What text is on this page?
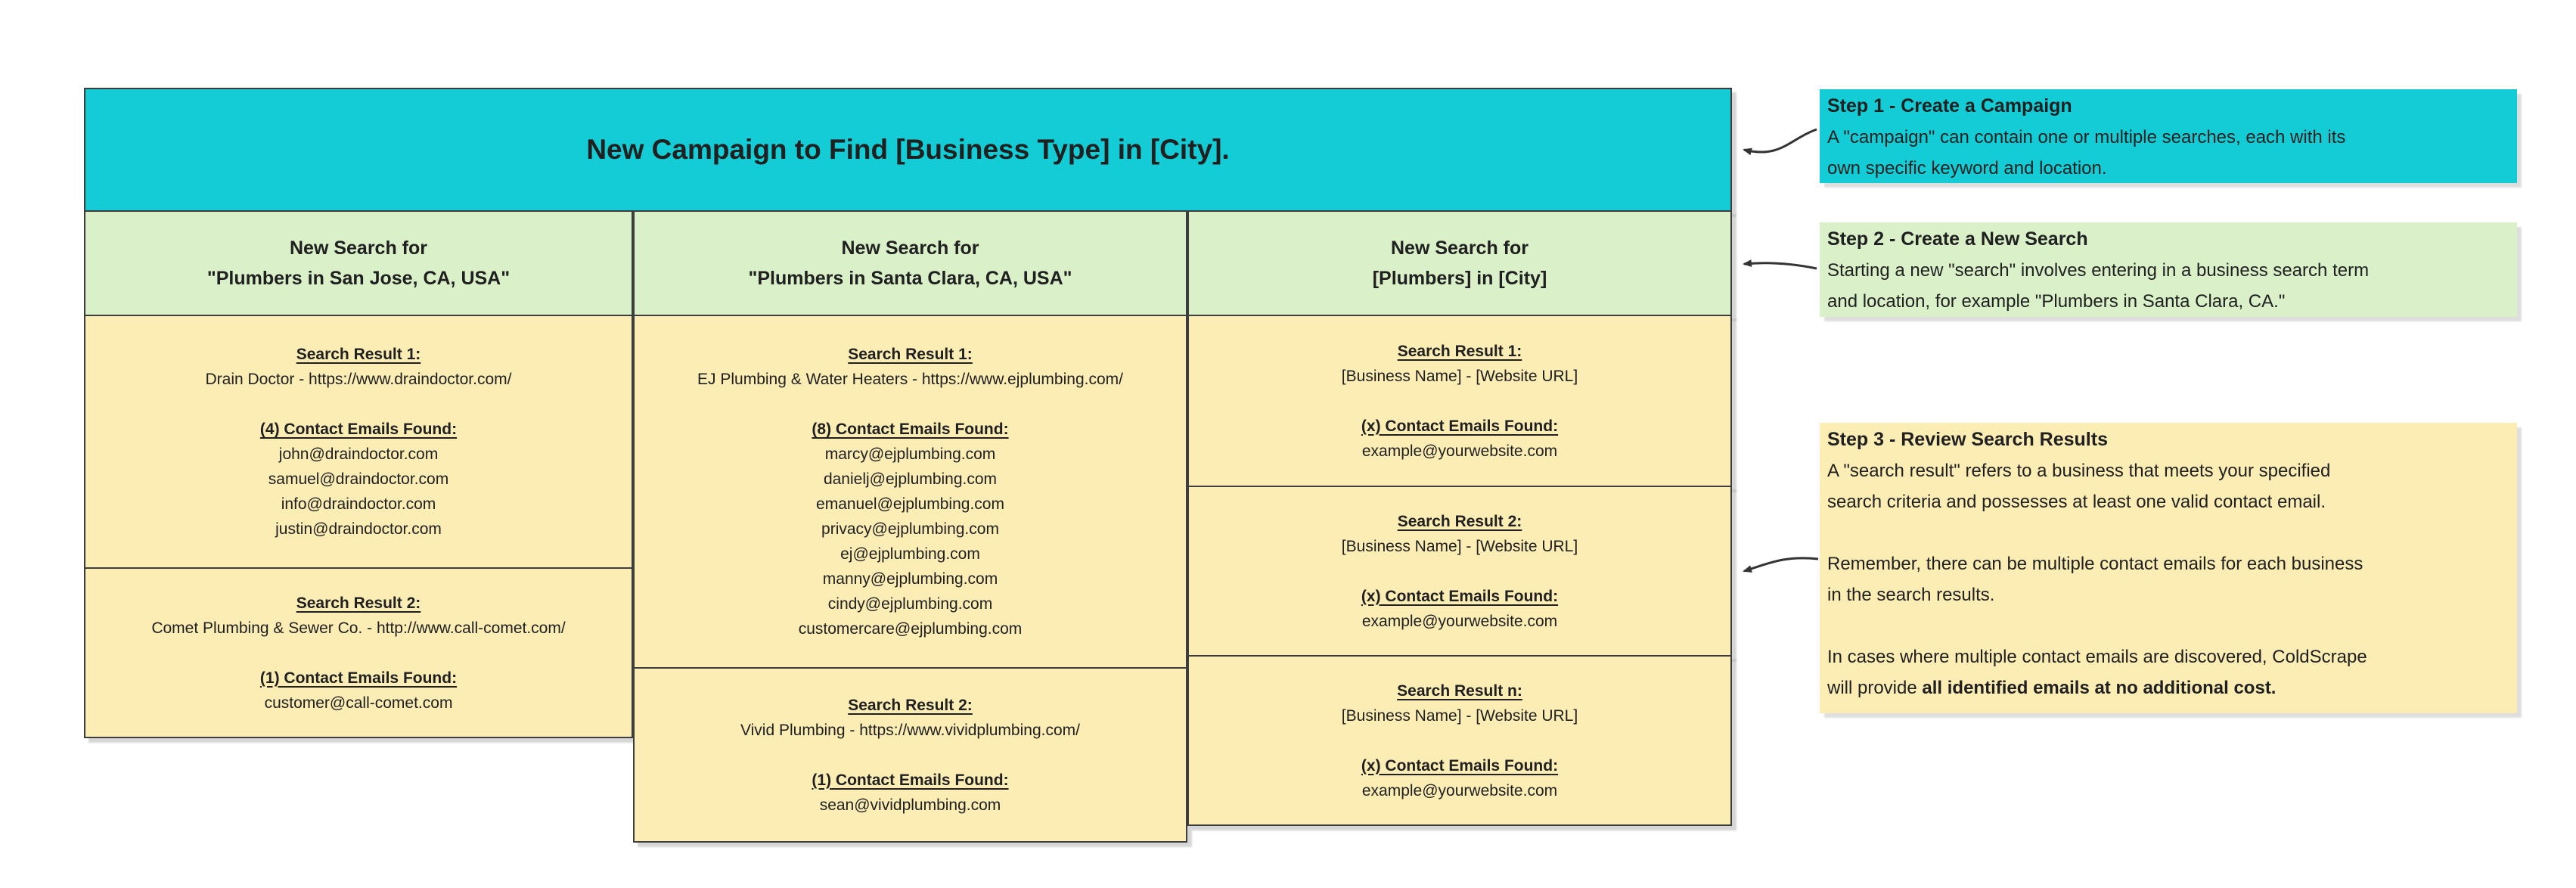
New Campaign to Find [Business Type] in [City].
New Search for
"Plumbers in San Jose, CA, USA"
New Search for
"Plumbers in Santa Clara, CA, USA"
New Search for
[Plumbers] in [City]
Search Result 1:
Drain Doctor - https://www.draindoctor.com/
(4) Contact Emails Found:
john@draindoctor.com
samuel@draindoctor.com
info@draindoctor.com
justin@draindoctor.com
Search Result 2:
Comet Plumbing & Sewer Co. - http://www.call-comet.com/
(1) Contact Emails Found:
customer@call-comet.com
Search Result 1:
EJ Plumbing & Water Heaters - https://www.ejplumbing.com/
(8) Contact Emails Found:
marcy@ejplumbing.com
danielj@ejplumbing.com
emanuel@ejplumbing.com
privacy@ejplumbing.com
ej@ejplumbing.com
manny@ejplumbing.com
cindy@ejplumbing.com
customercare@ejplumbing.com
Search Result 2:
Vivid Plumbing - https://www.vividplumbing.com/
(1) Contact Emails Found:
sean@vividplumbing.com
Search Result 1:
[Business Name] - [Website URL]
(x) Contact Emails Found:
example@yourwebsite.com
Search Result 2:
[Business Name] - [Website URL]
(x) Contact Emails Found:
example@yourwebsite.com
Search Result n:
[Business Name] - [Website URL]
(x) Contact Emails Found:
example@yourwebsite.com
Step 1 - Create a Campaign
A "campaign" can contain one or multiple searches, each with its
own specific keyword and location.
Step 2 - Create a New Search
Starting a new "search" involves entering in a business search term
and location, for example "Plumbers in Santa Clara, CA."
Step 3 - Review Search Results
A "search result" refers to a business that meets your specified
search criteria and possesses at least one valid contact email.
Remember, there can be multiple contact emails for each business
in the search results.
In cases where multiple contact emails are discovered, ColdScrape
will provide all identified emails at no additional cost.
